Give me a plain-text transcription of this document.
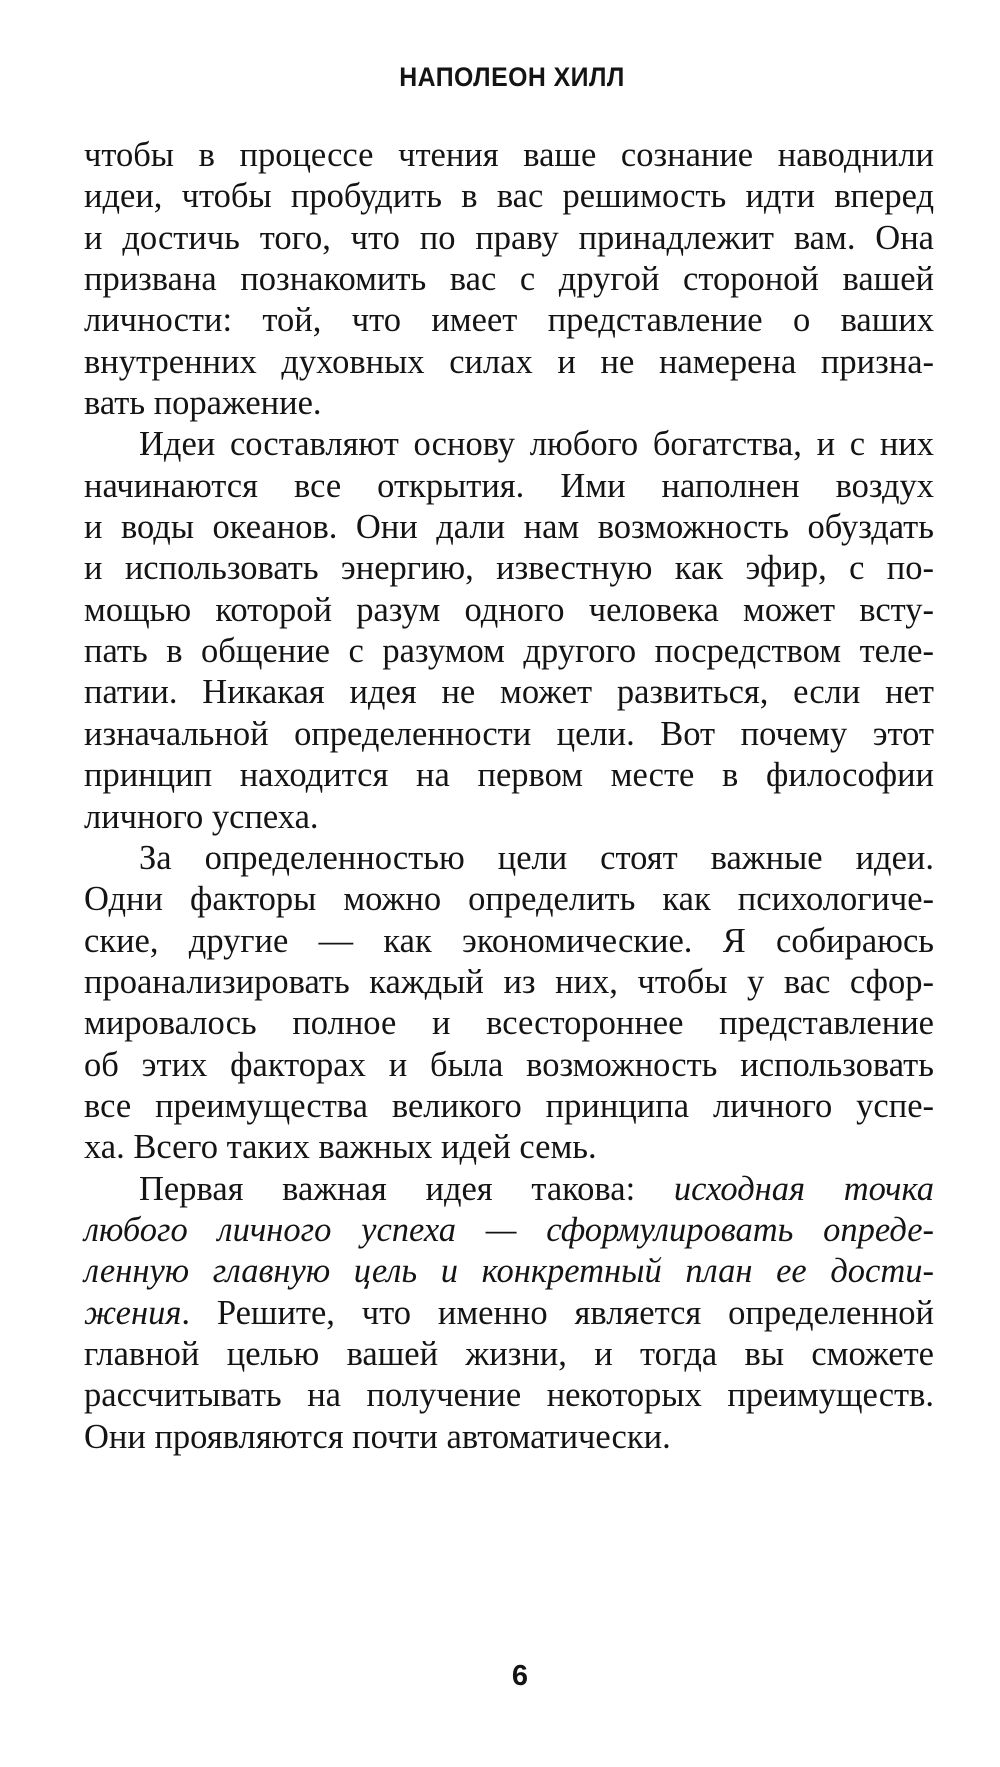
НАПОЛЕОН ХИЛЛ
чтобы в процессе чтения ваше сознание наводнили
идеи, чтобы пробудить в вас решимость идти вперед
и достичь того, что по праву принадлежит вам. Она
призвана познакомить вас с другой стороной вашей
личности: той, что имеет представление о ваших
внутренних духовных силах и не намерена призна-
вать поражение.
Идеи составляют основу любого богатства, и с них
начинаются все открытия. Ими наполнен воздух
и воды океанов. Они дали нам возможность обуздать
и использовать энергию, известную как эфир, с по-
мощью которой разум одного человека может всту-
пать в общение с разумом другого посредством теле-
патии. Никакая идея не может развиться, если нет
изначальной определенности цели. Вот почему этот
принцип находится на первом месте в философии
личного успеха.
За определенностью цели стоят важные идеи.
Одни факторы можно определить как психологиче-
ские, другие — как экономические. Я собираюсь
проанализировать каждый из них, чтобы у вас сфор-
мировалось полное и всестороннее представление
об этих факторах и была возможность использовать
все преимущества великого принципа личного успе-
ха. Всего таких важных идей семь.
Первая важная идея такова: исходная точка
любого личного успеха — сформулировать опреде-
ленную главную цель и конкретный план ее дости-
жения. Решите, что именно является определенной
главной целью вашей жизни, и тогда вы сможете
рассчитывать на получение некоторых преимуществ.
Они проявляются почти автоматически.
6
